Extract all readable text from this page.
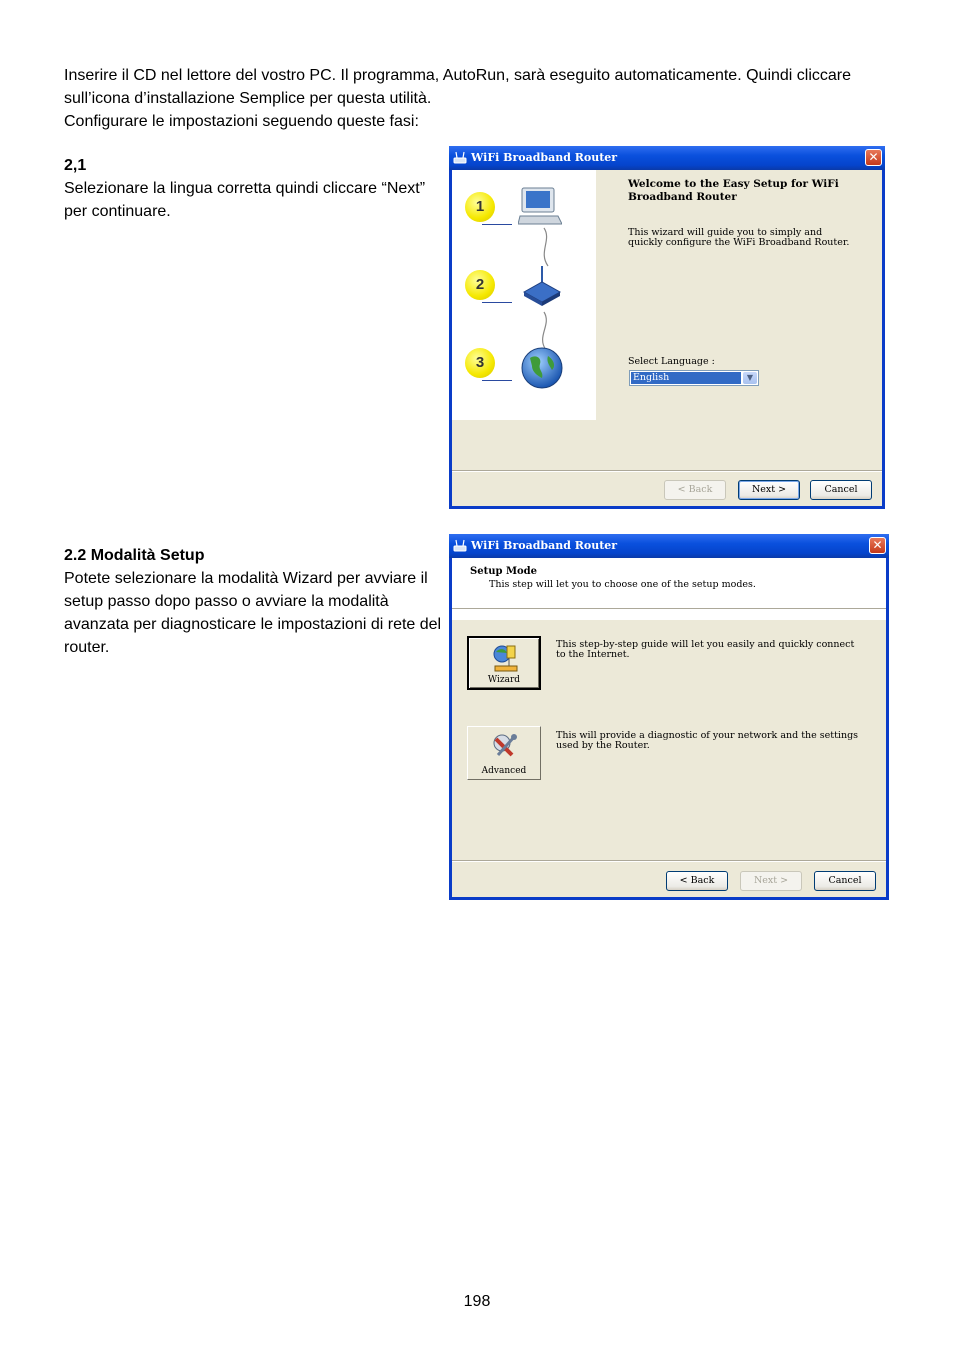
Inserire il CD nel lettore del vostro PC. Il programma, AutoRun, sarà eseguito automaticamente. Quindi cliccare sull’icona d’installazione Semplice per questa utilità.

Configurare le impostazioni seguendo queste fasi:

2,1

Selezionare la lingua corretta quindi cliccare “Next” per continuare.

2.2 Modalità Setup

Potete selezionare la modalità Wizard per avviare il setup passo dopo passo o avviare la modalità avanzata per diagnosticare le impostazioni di rete del router.

WiFi Broadband Router	✕
1
2
3
Welcome to the Easy Setup for WiFi Broadband Router
This wizard will guide you to simply and quickly configure the WiFi Broadband Router.
Select Language :
English	▼
< Back	Next >	Cancel
WiFi Broadband Router	✕
Setup Mode
This step will let you to choose one of the setup modes.
Wizard
This step-by-step guide will let you easily and quickly connect to the Internet.
Advanced
This will provide a diagnostic of your network and the settings used by the Router.
< Back	Next >	Cancel
198
